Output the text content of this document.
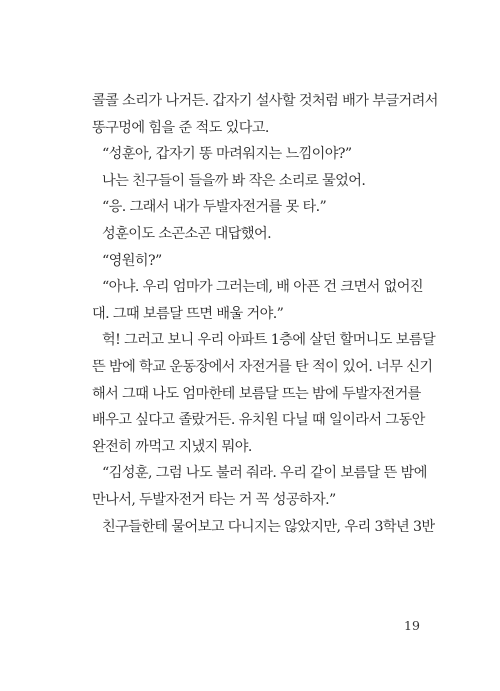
콜콜 소리가 나거든. 갑자기 설사할 것처럼 배가 부글거려서
똥구멍에 힘을 준 적도 있다고.
“성훈아, 갑자기 똥 마려워지는 느낌이야?”
나는 친구들이 들을까 봐 작은 소리로 물었어.
“응. 그래서 내가 두발자전거를 못 타.”
성훈이도 소곤소곤 대답했어.
“영원히?”
“아냐. 우리 엄마가 그러는데, 배 아픈 건 크면서 없어진
대. 그때 보름달 뜨면 배울 거야.”
헉! 그러고 보니 우리 아파트 1층에 살던 할머니도 보름달
뜬 밤에 학교 운동장에서 자전거를 탄 적이 있어. 너무 신기
해서 그때 나도 엄마한테 보름달 뜨는 밤에 두발자전거를
배우고 싶다고 졸랐거든. 유치원 다닐 때 일이라서 그동안
완전히 까먹고 지냈지 뭐야.
“김성훈, 그럼 나도 불러 줘라. 우리 같이 보름달 뜬 밤에
만나서, 두발자전거 타는 거 꼭 성공하자.”
친구들한테 물어보고 다니지는 않았지만, 우리 3학년 3반
19
